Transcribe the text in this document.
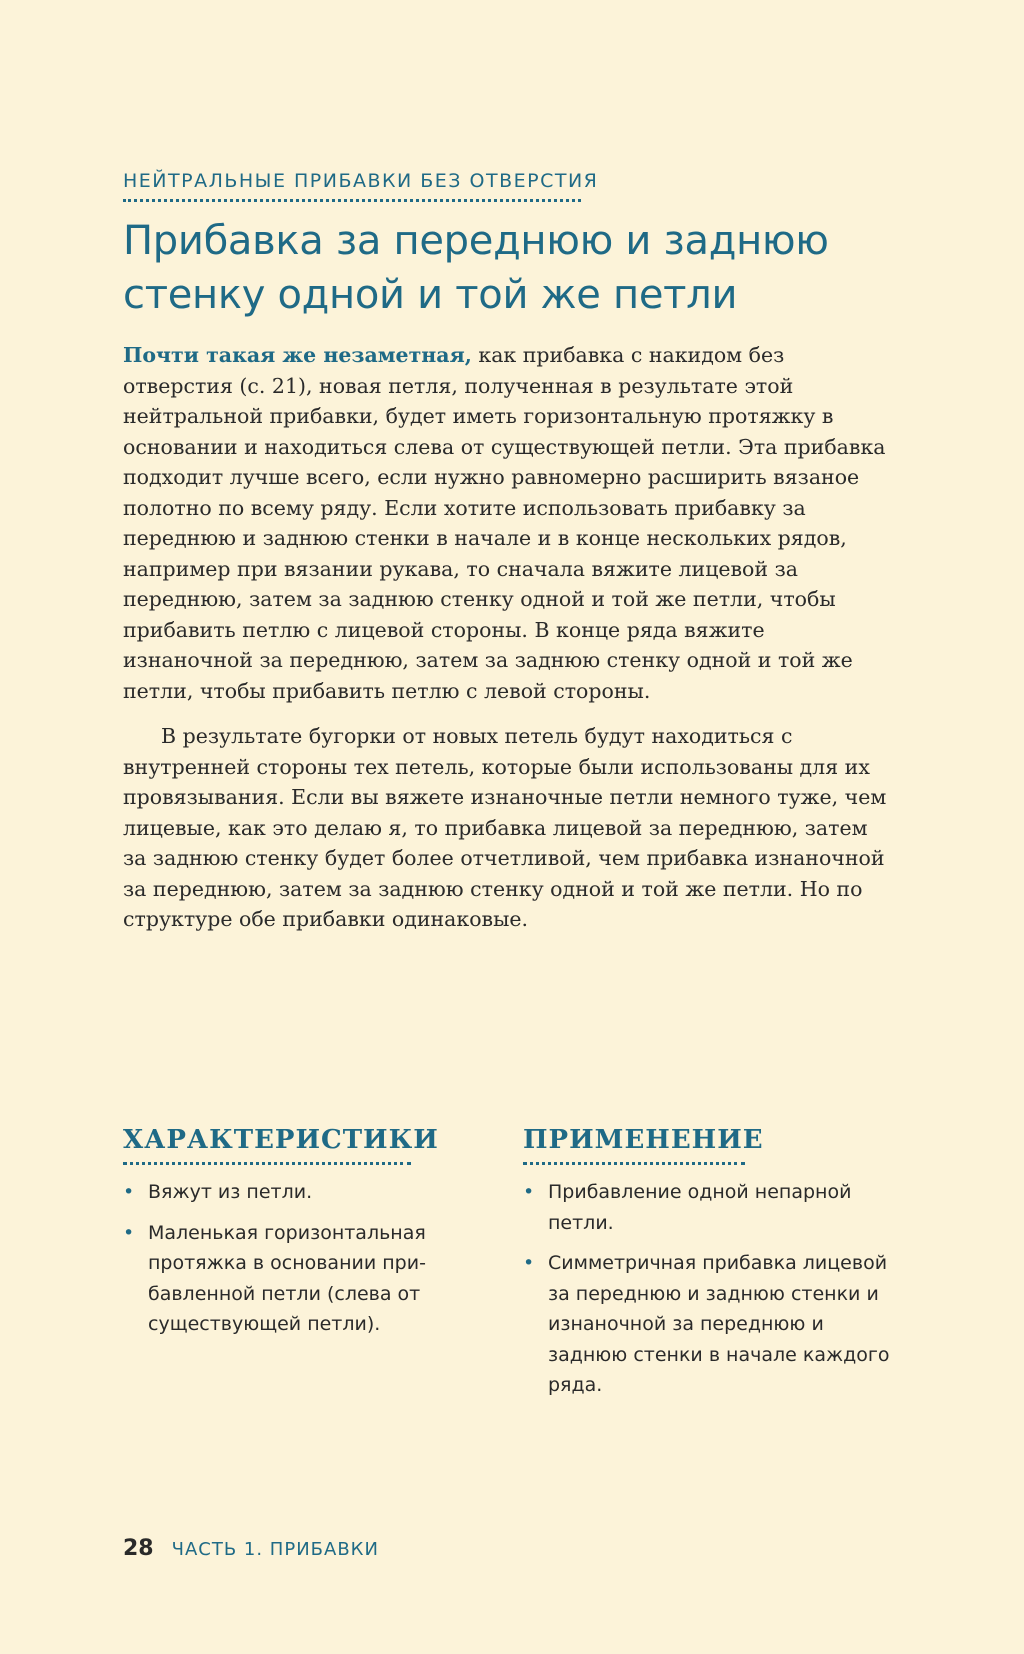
НЕЙТРАЛЬНЫЕ ПРИБАВКИ БЕЗ ОТВЕРСТИЯ
Прибавка за переднюю и заднюю стенку одной и той же петли

Почти такая же незаметная, как прибавка с накидом без отверстия (с. 21), новая петля, полученная в результате этой нейтральной прибавки, будет иметь горизонтальную протяжку в основании и находиться слева от существующей петли. Эта прибавка подходит лучше всего, если нужно равномерно расширить вязаное полотно по всему ряду. Если хотите использовать прибавку за переднюю и заднюю стенки в начале и в конце нескольких рядов, например при вязании рукава, то сначала вяжите лицевой за переднюю, затем за заднюю стенку одной и той же петли, чтобы прибавить петлю с лицевой стороны. В конце ряда вяжите изнаночной за переднюю, затем за заднюю стенку одной и той же петли, чтобы прибавить петлю с левой стороны.

В результате бугорки от новых петель будут находиться с внутренней стороны тех петель, которые были использованы для их провязывания. Если вы вяжете изнаночные петли немного туже, чем лицевые, как это делаю я, то прибавка лицевой за переднюю, затем за заднюю стенку будет более отчетливой, чем прибавка изнаночной за переднюю, затем за заднюю стенку одной и той же петли. Но по структуре обе прибавки одинаковые.

ХАРАКТЕРИСТИКИ
• Вяжут из петли.
• Маленькая горизонтальная протяжка в основании прибавленной петли (слева от существующей петли).
ПРИМЕНЕНИЕ
• Прибавление одной непарной петли.
• Симметричная прибавка лицевой за переднюю и заднюю стенки и изнаночной за переднюю и заднюю стенки в начале каждого ряда.
28 ЧАСТЬ 1. ПРИБАВКИ
